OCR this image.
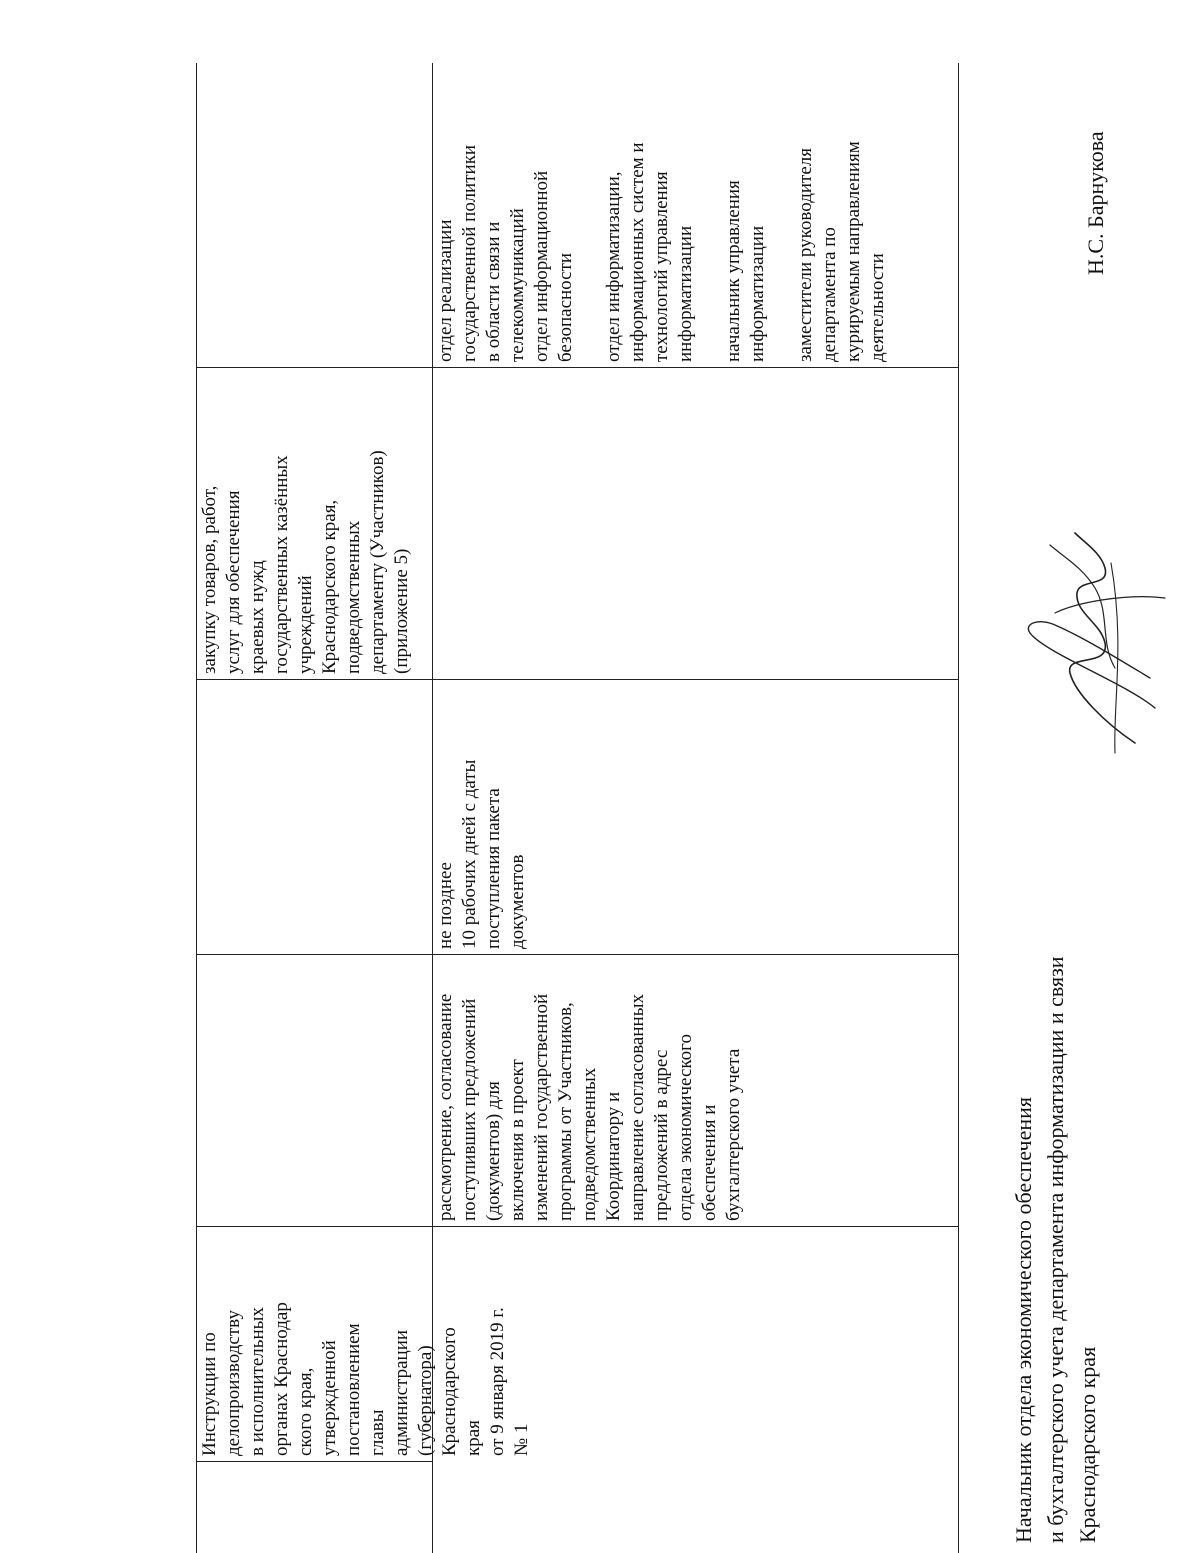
Инструкции по
делопроизводству
в исполнительных
органах Краснодар
ского края,
утвержденной
постановлением
главы
администрации
(губернатора)
Краснодарского
края
от 9 января 2019 г.
№ 1
закупку товаров, работ,
услуг для обеспечения
краевых нужд
государственных казённых
учреждений
Краснодарского края,
подведомственных
департаменту (Участников)
(приложение 5)
рассмотрение, согласование
поступивших предложений
(документов) для
включения в проект
изменений государственной
программы от Участников,
подведомственных
Координатору и
направление согласованных
предложений в адрес
отдела экономического
обеспечения и
бухгалтерского учета
не позднее
10 рабочих дней с даты
поступления пакета
документов
отдел реализации
государственной политики
в области связи и
телекоммуникаций
отдел информационной
безопасности

отдел информатизации,
информационных систем и
технологий управления
информатизации

начальник управления
информатизации

заместители руководителя
департамента по
курируемым направлениям
деятельности
Начальник отдела экономического обеспечения и бухгалтерского учета департамента информатизации и связи Краснодарского края
Н.С. Барнукова
